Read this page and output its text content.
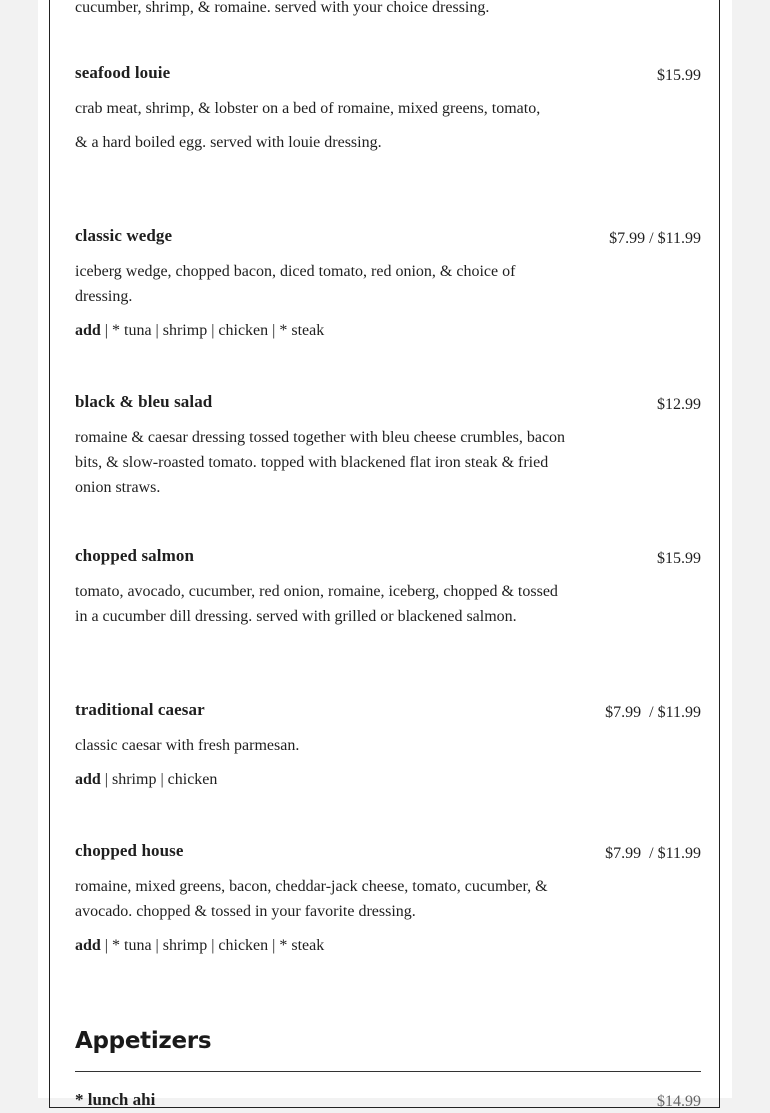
cucumber, shrimp, & romaine. served with your choice dressing.

seafood louie	$15.99

crab meat, shrimp, & lobster on a bed of romaine, mixed greens, tomato,

& a hard boiled egg. served with louie dressing.

classic wedge	$7.99 / $11.99

iceberg wedge, chopped bacon, diced tomato, red onion, & choice of dressing.

add | * tuna | shrimp | chicken | * steak

black & bleu salad	$12.99

romaine & caesar dressing tossed together with bleu cheese crumbles, bacon bits, & slow-roasted tomato. topped with blackened flat iron steak & fried onion straws.

chopped salmon	$15.99

tomato, avocado, cucumber, red onion, romaine, iceberg, chopped & tossed in a cucumber dill dressing. served with grilled or blackened salmon.

traditional caesar	$7.99  / $11.99

classic caesar with fresh parmesan.

add | shrimp | chicken

chopped house	$7.99  / $11.99

romaine, mixed greens, bacon, cheddar-jack cheese, tomato, cucumber, & avocado. chopped & tossed in your favorite dressing.

add | * tuna | shrimp | chicken | * steak

Appetizers

* lunch ahi	$14.99
